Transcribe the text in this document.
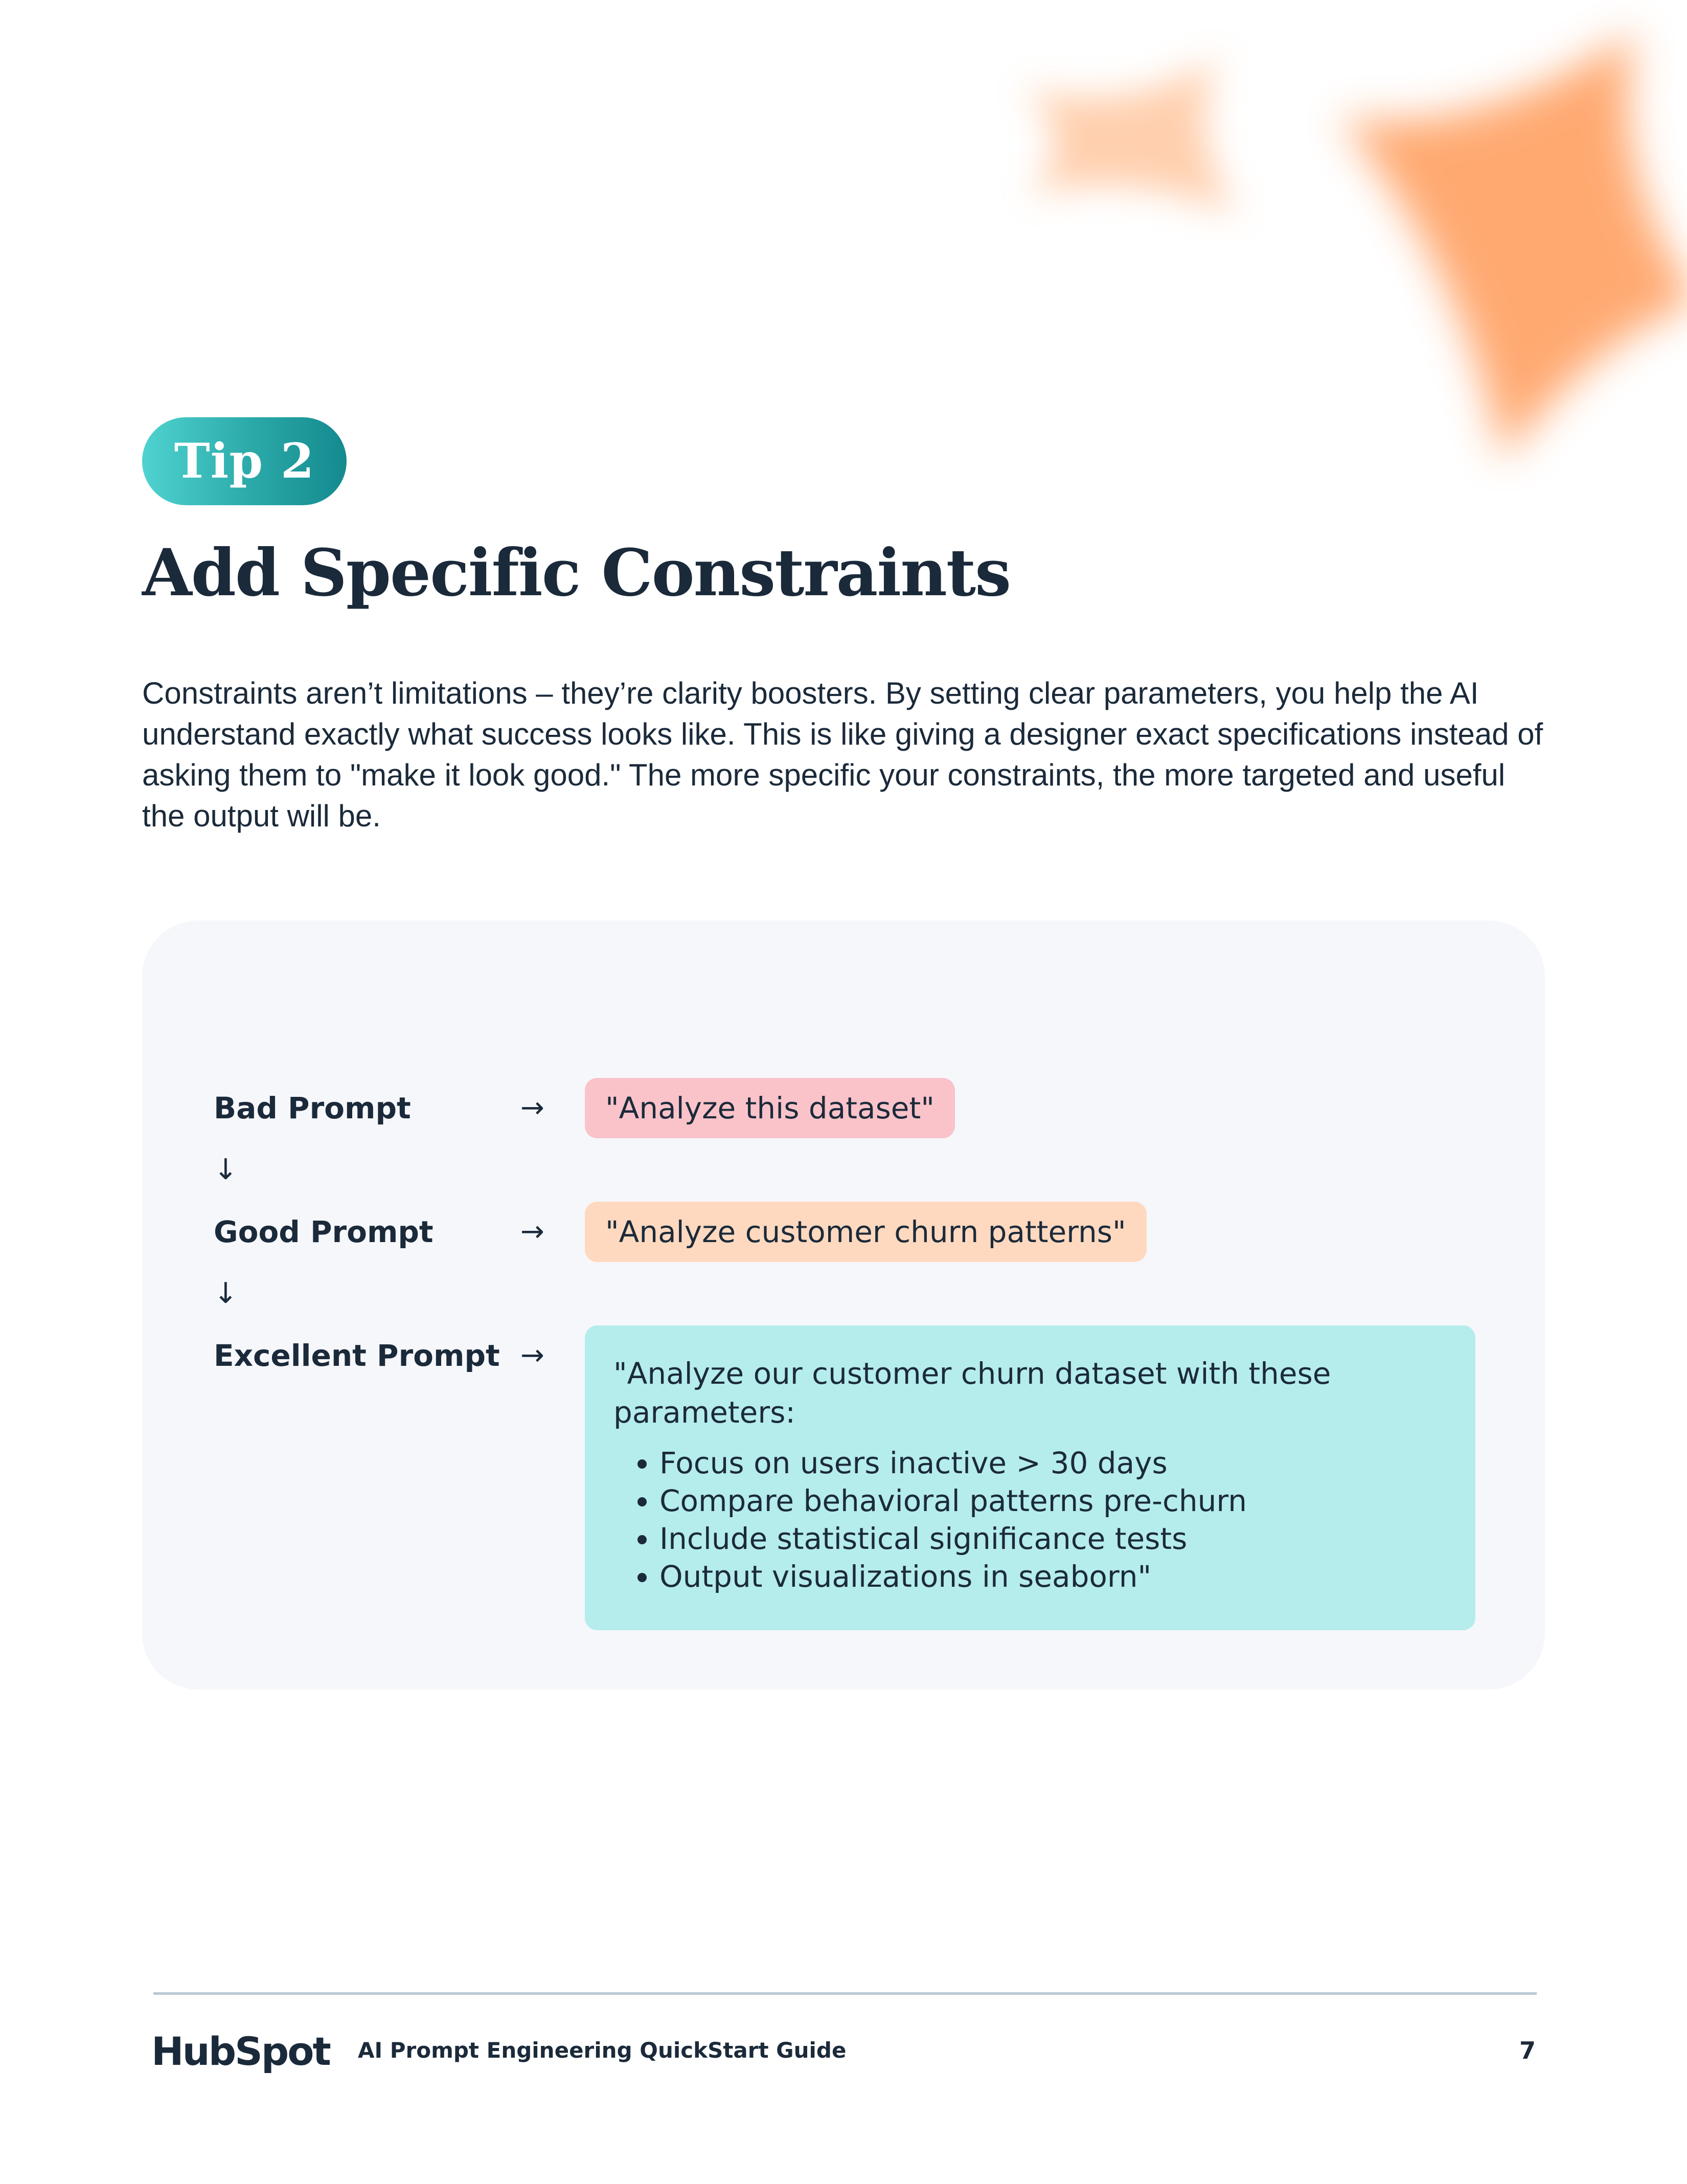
Tip 2
Add Specific Constraints

Constraints aren’t limitations – they’re clarity boosters. By setting clear parameters, you help the AI understand exactly what success looks like. This is like giving a designer exact specifications instead of asking them to "make it look good." The more specific your constraints, the more targeted and useful the output will be.

Bad Prompt	→	"Analyze this dataset"
↓
Good Prompt	→	"Analyze customer churn patterns"
↓
Excellent Prompt →

"Analyze our customer churn dataset with these parameters:

• Focus on users inactive > 30 days
• Compare behavioral patterns pre-churn
• Include statistical significance tests
• Output visualizations in seaborn"
HubSpot AI Prompt Engineering QuickStart Guide	7
